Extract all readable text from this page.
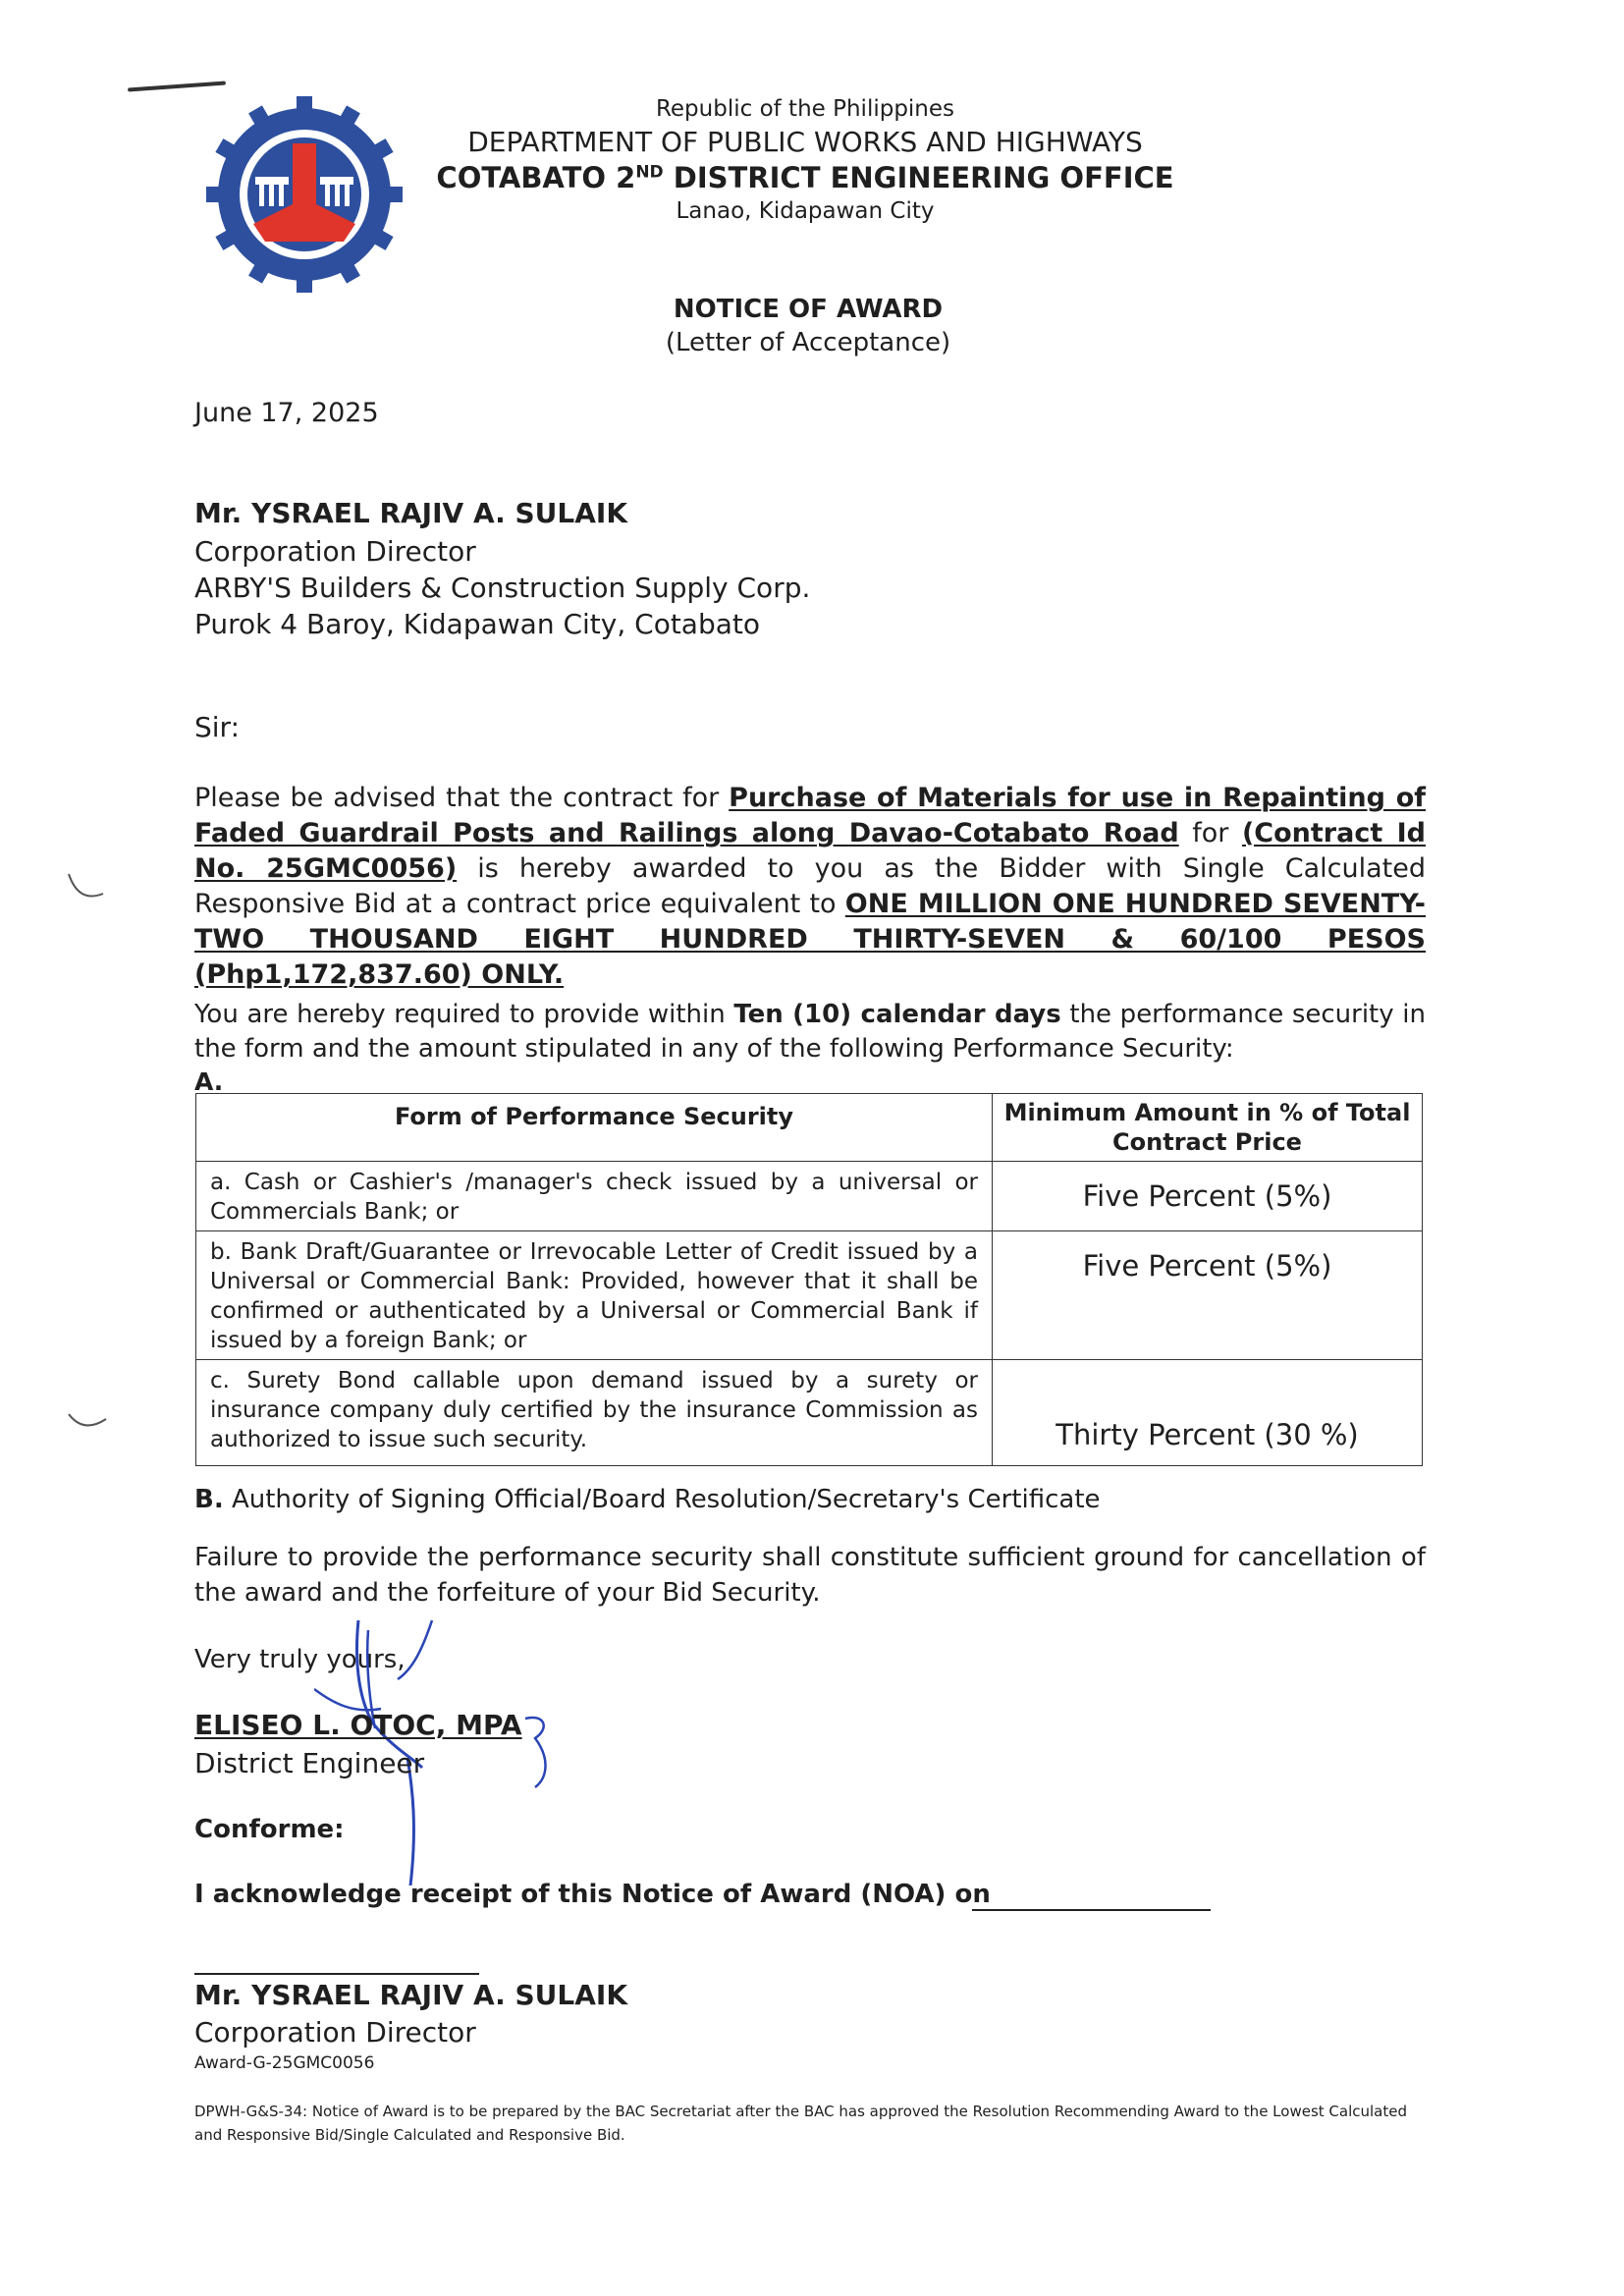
Republic of the Philippines
DEPARTMENT OF PUBLIC WORKS AND HIGHWAYS
COTABATO 2ND DISTRICT ENGINEERING OFFICE
Lanao, Kidapawan City
NOTICE OF AWARD
(Letter of Acceptance)
June 17, 2025
Mr. YSRAEL RAJIV A. SULAIK
Corporation Director
ARBY'S Builders & Construction Supply Corp.
Purok 4 Baroy, Kidapawan City, Cotabato
Sir:
Please be advised that the contract for Purchase of Materials for use in Repainting of Faded Guardrail Posts and Railings along Davao-Cotabato Road for (Contract Id No. 25GMC0056) is hereby awarded to you as the Bidder with Single Calculated Responsive Bid at a contract price equivalent to ONE MILLION ONE HUNDRED SEVENTY-TWO THOUSAND EIGHT HUNDRED THIRTY-SEVEN & 60/100 PESOS (Php1,172,837.60) ONLY.
You are hereby required to provide within Ten (10) calendar days the performance security in the form and the amount stipulated in any of the following Performance Security:
A.
Form of Performance Security	Minimum Amount in % of Total Contract Price
a. Cash or Cashier's /manager's check issued by a universal or Commercials Bank; or	Five Percent (5%)
b. Bank Draft/Guarantee or Irrevocable Letter of Credit issued by a Universal or Commercial Bank: Provided, however that it shall be confirmed or authenticated by a Universal or Commercial Bank if issued by a foreign Bank; or	Five Percent (5%)
c. Surety Bond callable upon demand issued by a surety or insurance company duly certified by the insurance Commission as authorized to issue such security.	Thirty Percent (30 %)
B. Authority of Signing Official/Board Resolution/Secretary's Certificate
Failure to provide the performance security shall constitute sufficient ground for cancellation of the award and the forfeiture of your Bid Security.
Very truly yours,
ELISEO L. OTOC, MPA
District Engineer
Conforme:
I acknowledge receipt of this Notice of Award (NOA) on
Mr. YSRAEL RAJIV A. SULAIK
Corporation Director
Award-G-25GMC0056
DPWH-G&S-34: Notice of Award is to be prepared by the BAC Secretariat after the BAC has approved the Resolution Recommending Award to the Lowest Calculated and Responsive Bid/Single Calculated and Responsive Bid.
